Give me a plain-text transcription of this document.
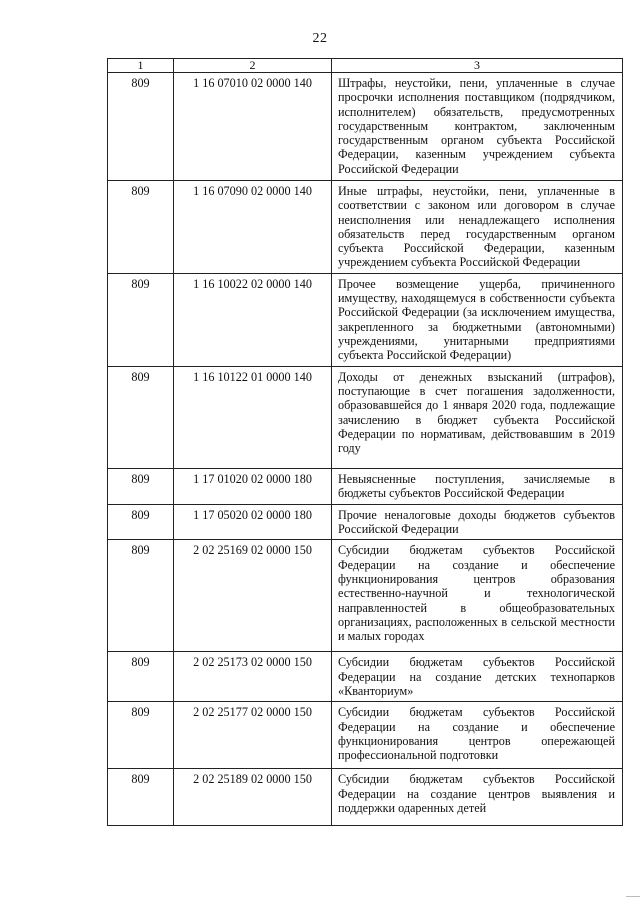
22
1	2	3
809	1 16 07010 02 0000 140	Штрафы, неустойки, пени, уплаченные в случае просрочки исполнения поставщиком (подрядчиком, исполнителем) обязательств, предусмотренных государственным контрактом, заключенным государственным органом субъекта Российской Федерации, казенным учреждением субъекта Российской Федерации
809	1 16 07090 02 0000 140	Иные штрафы, неустойки, пени, уплаченные в соответствии с законом или договором в случае неисполнения или ненадлежащего исполнения обязательств перед государственным органом субъекта Российской Федерации, казенным учреждением субъекта Российской Федерации
809	1 16 10022 02 0000 140	Прочее возмещение ущерба, причиненного имуществу, находящемуся в собственности субъекта Российской Федерации (за исключением имущества, закрепленного за бюджетными (автономными) учреждениями, унитарными предприятиями субъекта Российской Федерации)
809	1 16 10122 01 0000 140	Доходы от денежных взысканий (штрафов), поступающие в счет погашения задолженности, образовавшейся до 1 января 2020 года, подлежащие зачислению в бюджет субъекта Российской Федерации по нормативам, действовавшим в 2019 году
809	1 17 01020 02 0000 180	Невыясненные поступления, зачисляемые в бюджеты субъектов Российской Федерации
809	1 17 05020 02 0000 180	Прочие неналоговые доходы бюджетов субъектов Российской Федерации
809	2 02 25169 02 0000 150	Субсидии бюджетам субъектов Российской Федерации на создание и обеспечение функционирования центров образования естественно-научной и технологической направленностей в общеобразовательных организациях, расположенных в сельской местности и малых городах
809	2 02 25173 02 0000 150	Субсидии бюджетам субъектов Российской Федерации на создание детских технопарков «Кванториум»
809	2 02 25177 02 0000 150	Субсидии бюджетам субъектов Российской Федерации на создание и обеспечение функционирования центров опережающей профессиональной подготовки
809	2 02 25189 02 0000 150	Субсидии бюджетам субъектов Российской Федерации на создание центров выявления и поддержки одаренных детей
